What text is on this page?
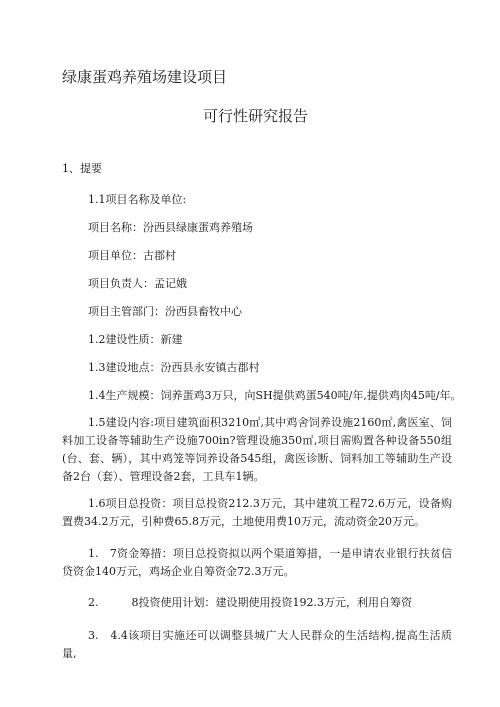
绿康蛋鸡养殖场建设项目
可行性研究报告
1、提要
1.1项目名称及单位:
项目名称：汾西县绿康蛋鸡养殖场
项目单位：古郡村
项目负责人：孟记娥
项目主管部门：汾西县畜牧中心
1.2建设性质：新建
1.3建设地点：汾西县永安镇古郡村
1.4生产规模：饲养蛋鸡3万只，向SH提供鸡蛋540吨/年,提供鸡肉45吨/年。
1.5建设内容:项目建筑面积3210㎡,其中鸡舍饲养设施2160㎡,禽医室、饲料加工设备等辅助生产设施700in?管理设施350㎡,项目需购置各种设备550组(台、套、辆），其中鸡笼等饲养设备545组，禽医诊断、饲料加工等辅助生产设备2台（套）、管理设备2套，工具车1辆。
1.6项目总投资：项目总投资212.3万元，其中建筑工程72.6万元，设备购置费34.2万元，引种费65.8万元，土地使用费10万元，流动资金20万元。
1.　7资金筹措：项目总投资拟以两个渠道筹措，一是申请农业银行扶贫信贷资金140万元，鸡场企业自筹资金72.3万元。
2.　　　8投资使用计划：建设期使用投资192.3万元，利用自筹资
3.　4.4该项目实施还可以调整县城广大人民群众的生活结构,提高生活质量,
